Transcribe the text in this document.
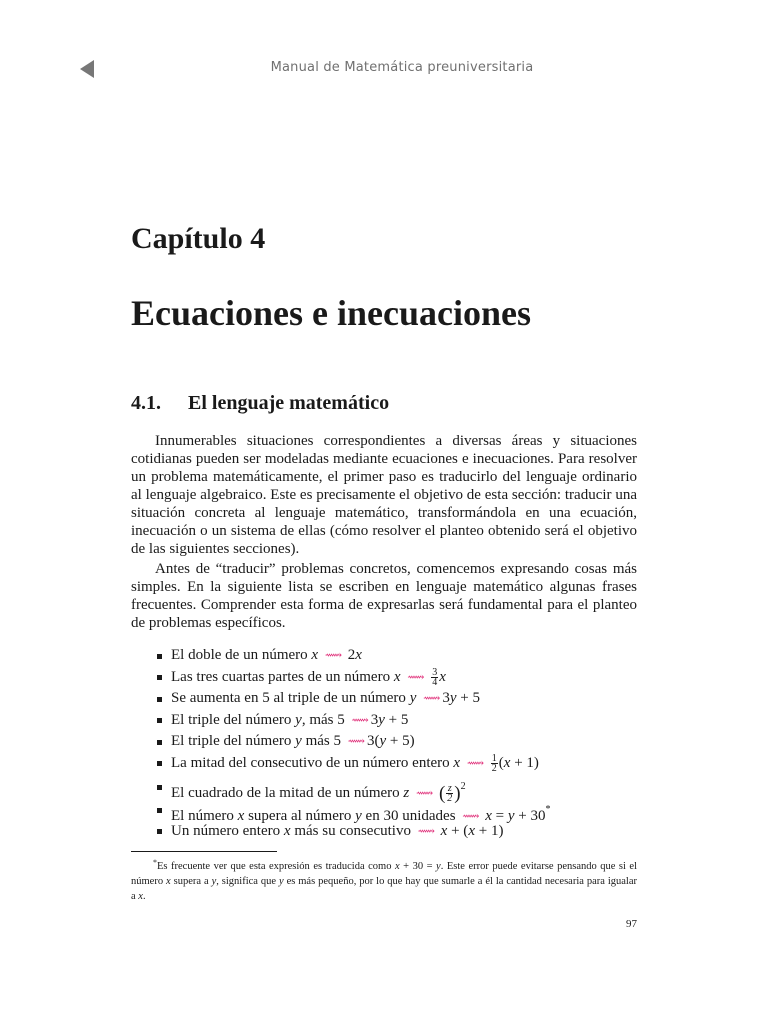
Manual de Matemática preuniversitaria
Capítulo 4
Ecuaciones e inecuaciones
4.1.	El lenguaje matemático

Innumerables situaciones correspondientes a diversas áreas y situaciones cotidianas pueden ser modeladas mediante ecuaciones e inecuaciones. Para resolver un problema matemáticamente, el primer paso es traducirlo del lenguaje ordinario al lenguaje algebraico. Este es precisamente el objetivo de esta sección: traducir una situación concreta al lenguaje matemático, transformándola en una ecuación, inecuación o un sistema de ellas (cómo resolver el planteo obtenido será el objetivo de las siguientes secciones).

Antes de “traducir” problemas concretos, comencemos expresando cosas más simples. En la siguiente lista se escriben en lenguaje matemático algunas frases frecuentes. Comprender esta forma de expresarlas será fundamental para el planteo de problemas específicos.

El doble de un número x ⟿ 2x
Las tres cuartas partes de un número x ⟿ $\frac{3}{4}$ x
Se aumenta en 5 al triple de un número y ⟿ 3y + 5
El triple del número y, más 5 ⟿ 3y + 5
El triple del número y más 5 ⟿ 3(y + 5)
La mitad del consecutivo de un número entero x ⟿ $\frac{1}{2} (x + 1)$
El cuadrado de la mitad de un número z ⟿ ( $\frac{z}{2} )^2$
El número x supera al número y en 30 unidades ⟿ x = y + 30*
Un número entero x más su consecutivo ⟿ x + (x + 1)

*Es frecuente ver que esta expresión es traducida como x + 30 = y. Este error puede evitarse pensando que si el número x supera a y, significa que y es más pequeño, por lo que hay que sumarle a él la cantidad necesaria para igualar a x.

97
